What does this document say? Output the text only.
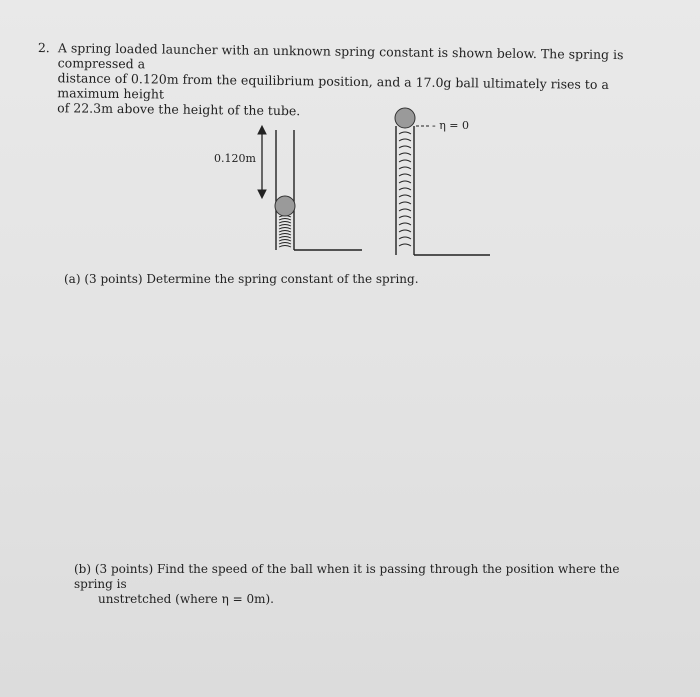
2. A spring loaded launcher with an unknown spring constant is shown below. The spring is compressed a
distance of 0.120m from the equilibrium position, and a 17.0g ball ultimately rises to a maximum height
of 22.3m above the height of the tube.
0.120m
- η = 0
(a) (3 points) Determine the spring constant of the spring.
(b) (3 points) Find the speed of the ball when it is passing through the position where the spring is
unstretched (where η = 0m).
